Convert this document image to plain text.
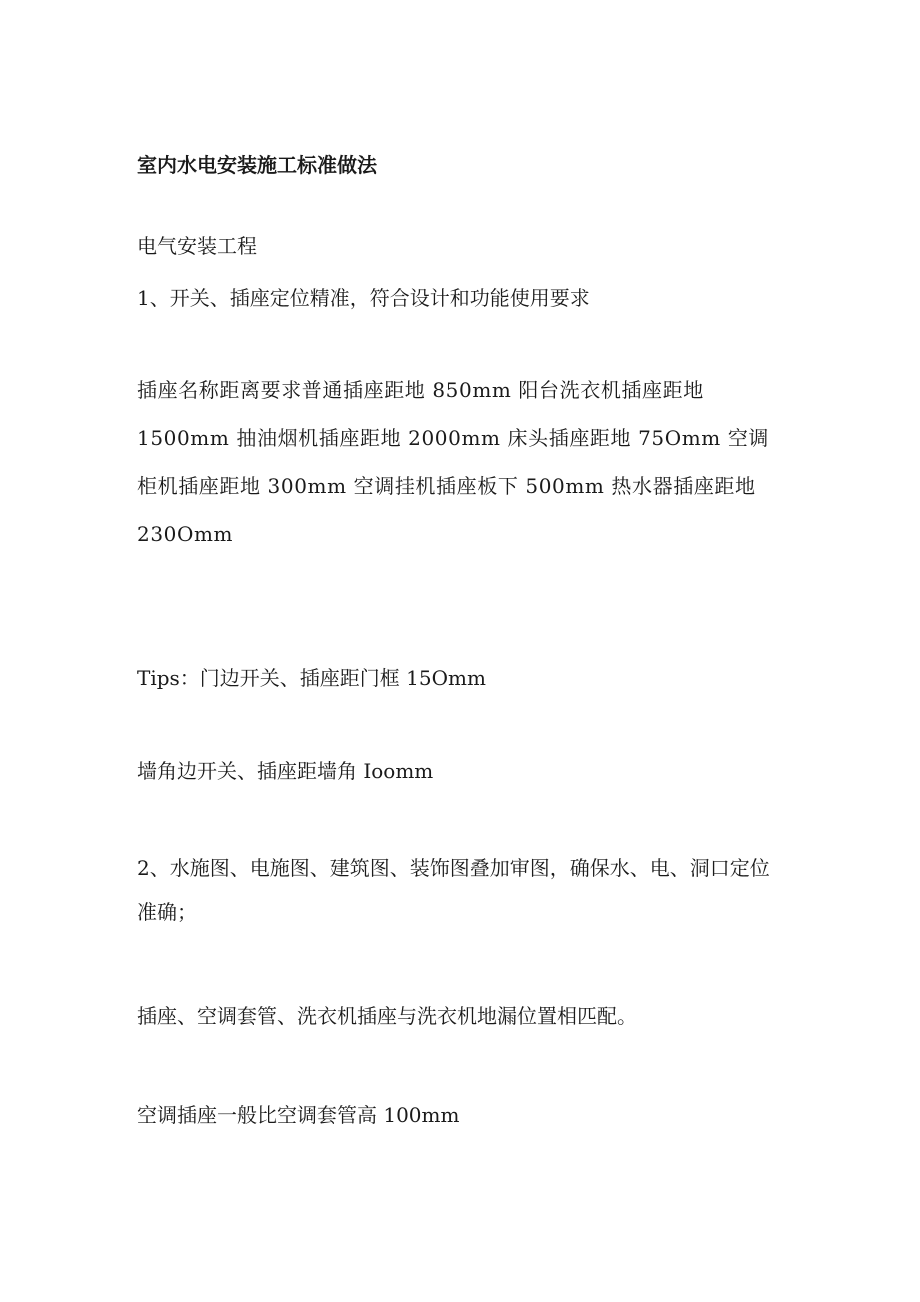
室内水电安装施工标准做法
电气安装工程
1、开关、插座定位精准，符合设计和功能使用要求
插座名称距离要求普通插座距地 850mm 阳台洗衣机插座距地 1500mm 抽油烟机插座距地 2000mm 床头插座距地 75Omm 空调柜机插座距地 300mm 空调挂机插座板下 500mm 热水器插座距地 230Omm
Tips：门边开关、插座距门框 15Omm
墙角边开关、插座距墙角 Ioomm
2、水施图、电施图、建筑图、装饰图叠加审图，确保水、电、洞口定位准确；
插座、空调套管、洗衣机插座与洗衣机地漏位置相匹配。
空调插座一般比空调套管高 100mm
